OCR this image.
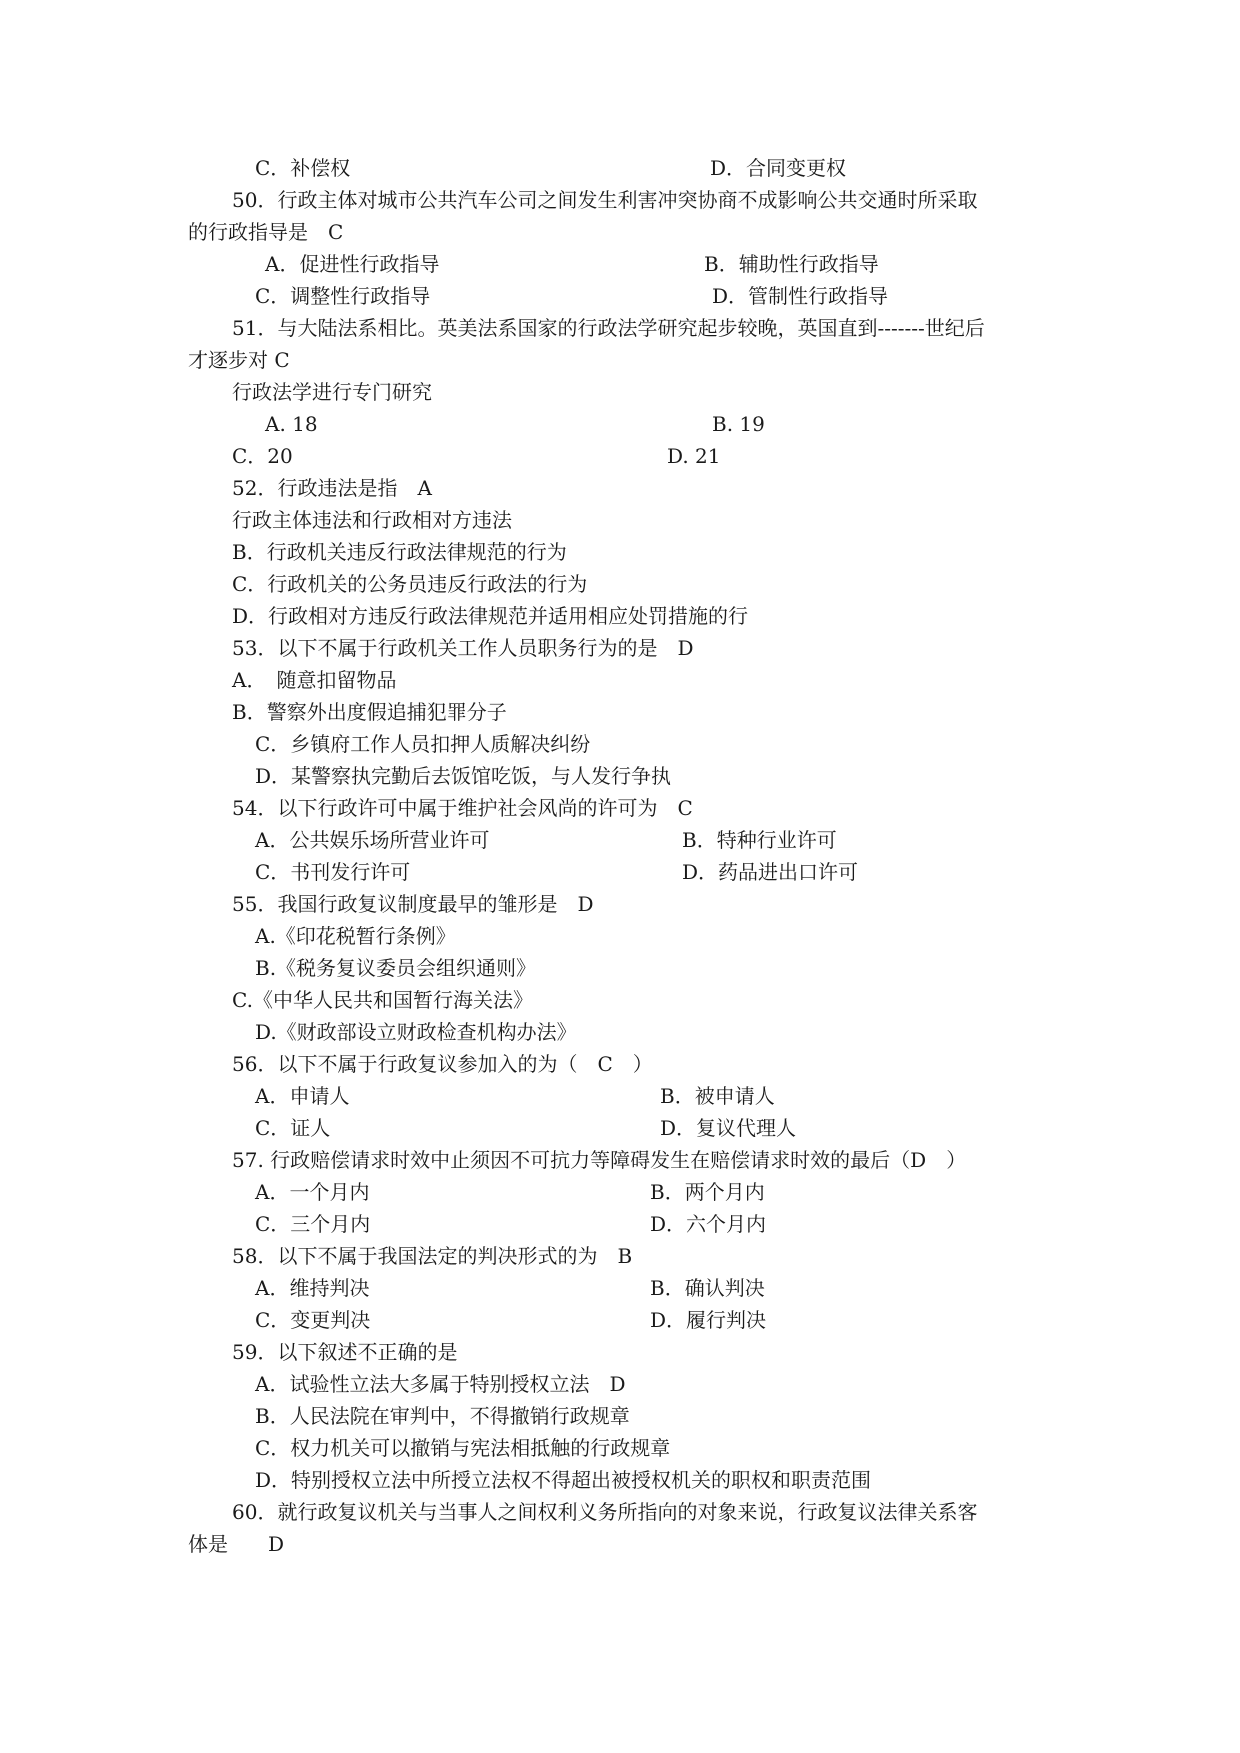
C．补偿权	D．合同变更权
50．行政主体对城市公共汽车公司之间发生利害冲突协商不成影响公共交通时所采取
的行政指导是　C
A．促进性行政指导	B．辅助性行政指导
C．调整性行政指导	D．管制性行政指导
51．与大陆法系相比。英美法系国家的行政法学研究起步较晚，英国直到-------世纪后
才逐步对 C
行政法学进行专门研究
A. 18	B. 19
C．20	D. 21
52．行政违法是指　A
行政主体违法和行政相对方违法
B．行政机关违反行政法律规范的行为
C．行政机关的公务员违反行政法的行为
D．行政相对方违反行政法律规范并适用相应处罚措施的行
53．以下不属于行政机关工作人员职务行为的是　D
A．　随意扣留物品
B．警察外出度假追捕犯罪分子
C．乡镇府工作人员扣押人质解决纠纷
D．某警察执完勤后去饭馆吃饭，与人发行争执
54．以下行政许可中属于维护社会风尚的许可为　C
A．公共娱乐场所营业许可	B．特种行业许可
C．书刊发行许可	D．药品进出口许可
55．我国行政复议制度最早的雏形是　D
A.《印花税暂行条例》
B.《税务复议委员会组织通则》
C.《中华人民共和国暂行海关法》
D.《财政部设立财政检查机构办法》
56．以下不属于行政复议参加入的为（　C　）
A．申请人	B．被申请人
C．证人	D．复议代理人
57. 行政赔偿请求时效中止须因不可抗力等障碍发生在赔偿请求时效的最后（D　）
A．一个月内	B．两个月内
C．三个月内	D．六个月内
58．以下不属于我国法定的判决形式的为　B
A．维持判决	B．确认判决
C．变更判决	D．履行判决
59．以下叙述不正确的是
A．试验性立法大多属于特别授权立法　D
B．人民法院在审判中，不得撤销行政规章
C．权力机关可以撤销与宪法相抵触的行政规章
D．特别授权立法中所授立法权不得超出被授权机关的职权和职责范围
60．就行政复议机关与当事人之间权利义务所指向的对象来说，行政复议法律关系客
体是　　D
